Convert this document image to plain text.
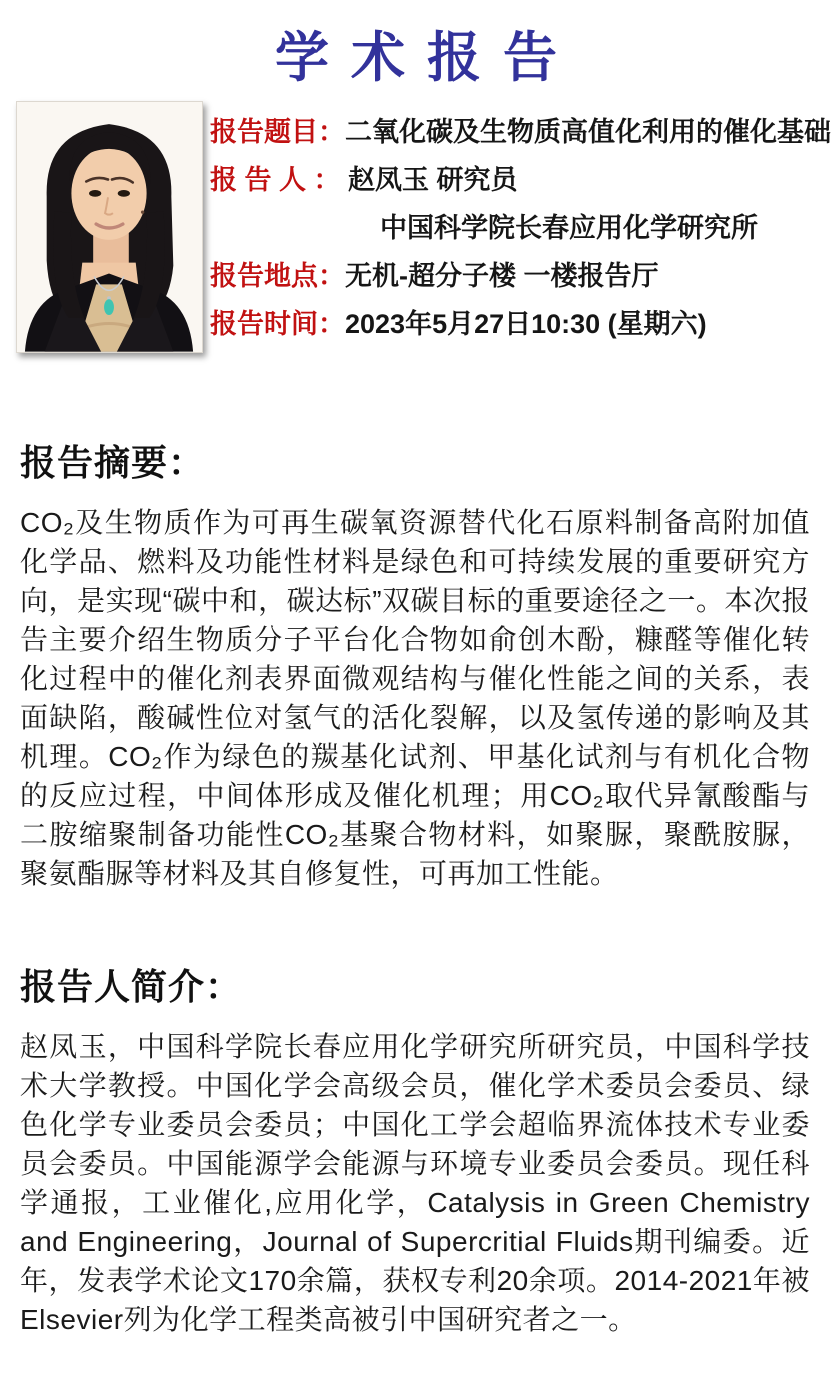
学术报告
报告题目： 二氧化碳及生物质高值化利用的催化基础
报 告 人 ： 赵凤玉 研究员
中国科学院长春应用化学研究所
报告地点： 无机-超分子楼 一楼报告厅
报告时间： 2023年5月27日10:30 (星期六)
报告摘要：

CO₂及生物质作为可再生碳氧资源替代化石原料制备高附加值化学品、燃料及功能性材料是绿色和可持续发展的重要研究方向，是实现“碳中和，碳达标”双碳目标的重要途径之一。本次报告主要介绍生物质分子平台化合物如俞创木酚，糠醛等催化转化过程中的催化剂表界面微观结构与催化性能之间的关系，表面缺陷，酸碱性位对氢气的活化裂解，以及氢传递的影响及其机理。CO₂作为绿色的羰基化试剂、甲基化试剂与有机化合物的反应过程，中间体形成及催化机理；用CO₂取代异氰酸酯与二胺缩聚制备功能性CO₂基聚合物材料，如聚脲，聚酰胺脲，聚氨酯脲等材料及其自修复性，可再加工性能。

报告人简介：

赵凤玉，中国科学院长春应用化学研究所研究员，中国科学技术大学教授。中国化学会高级会员，催化学术委员会委员、绿色化学专业委员会委员；中国化工学会超临界流体技术专业委员会委员。中国能源学会能源与环境专业委员会委员。现任科学通报，工业催化,应用化学，Catalysis in Green Chemistry and Engineering，Journal of Supercritial Fluids期刊编委。近年，发表学术论文170余篇，获权专利20余项。2014-2021年被Elsevier列为化学工程类高被引中国研究者之一。
